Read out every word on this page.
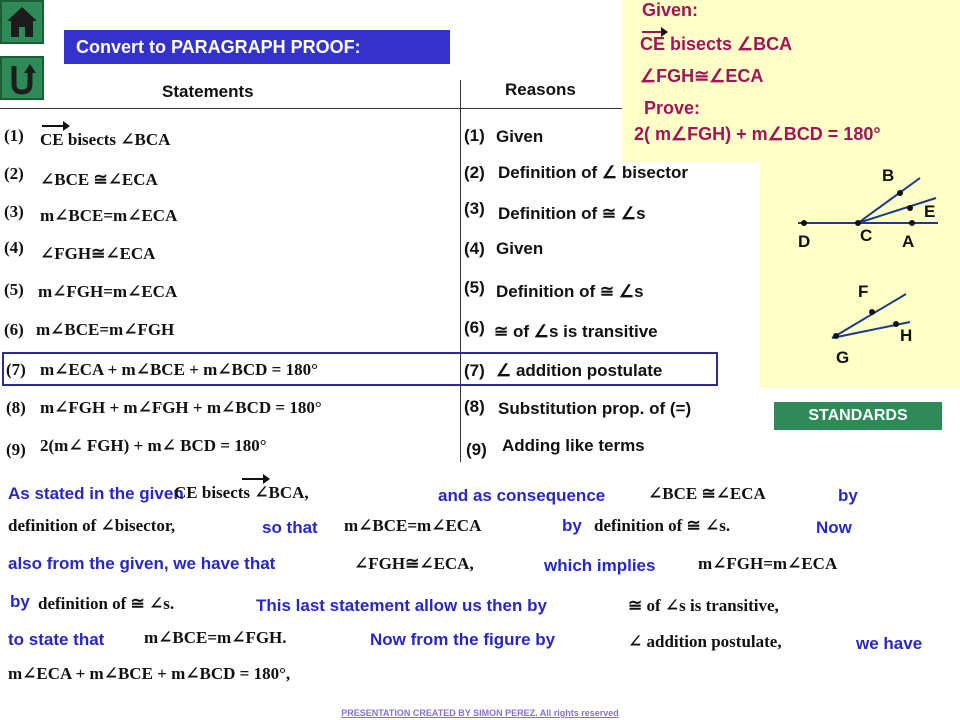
Convert to PARAGRAPH PROOF:
Statements	Reasons
Given:
CE bisects ∠BCA
∠FGH≅∠ECA
Prove:
2( m∠FGH) + m∠BCD = 180°
B
E
D	C A
F
H
G
STANDARDS
(1) CE bisects ∠BCA	(1) Given
(2) ∠BCE ≅∠ECA	(2) Definition of ∠ bisector
(3) m∠BCE=m∠ECA	(3) Definition of ≅ ∠s
(4) ∠FGH≅∠ECA	(4) Given
(5) m∠FGH=m∠ECA	(5) Definition of ≅ ∠s
(6) m∠BCE=m∠FGH	(6) ≅ of ∠s is transitive
(7) m∠ECA + m∠BCE + m∠BCD = 180°	(7) ∠ addition postulate
(8) m∠FGH + m∠FGH + m∠BCD = 180°	(8) Substitution prop. of (=)
(9) 2(m∠ FGH) + m∠ BCD = 180°	(9) Adding like terms
As stated in the given
CE bisects ∠BCA,	and as consequence	∠BCE ≅∠ECA	by
definition of ∠bisector,	so that m∠BCE=m∠ECA	by definition of ≅ ∠s.	Now
also from the given, we have that	∠FGH≅∠ECA,	which implies	m∠FGH=m∠ECA
by definition of ≅ ∠s.	This last statement allow us then by	≅ of ∠s is transitive,
to state that m∠BCE=m∠FGH.	Now from the figure by	∠ addition postulate,	we have
m∠ECA + m∠BCE + m∠BCD = 180°,
PRESENTATION CREATED BY SIMON PEREZ. All rights reserved
